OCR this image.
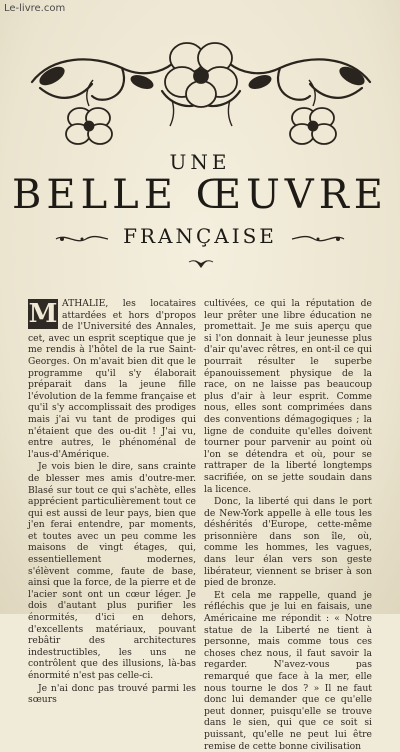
Le-livre.com
UNE
BELLE ŒUVRE
FRANÇAISE

M ATHALIE, les locataires attardées et hors d'propos de l'Université des Annales, cet, avec un esprit sceptique que je me rendis à l'hôtel de la rue Saint-Georges. On m'avait bien dit que le programme qu'il s'y élaborait préparait dans la jeune fille l'évolution de la femme française et qu'il s'y accomplissait des prodiges mais j'ai vu tant de prodiges qui n'étaient que des ou-dit ! J'ai vu, entre autres, le phénoménal de l'aus-d'Amérique.

Je vois bien le dire, sans crainte de blesser mes amis d'outre-mer. Blasé sur tout ce qui s'achète, elles apprécient particulièrement tout ce qui est aussi de leur pays, bien que j'en ferai entendre, par moments, et toutes avec un peu comme les maisons de vingt étages, qui, essentiellement modernes, s'élèvent comme, faute de base, ainsi que la force, de la pierre et de l'acier sont ont un cœur léger. Je dois d'autant plus purifier les énormités, d'ici en dehors, d'excellents matériaux, pouvant rebâtir des architectures indestructibles, les uns ne contrôlent que des illusions, là-bas énormité n'est pas celle-ci.

Je n'ai donc pas trouvé parmi les sœurs

cultivées, ce qui la réputation de leur prêter une libre éducation ne promettait. Je me suis aperçu que si l'on donnait à leur jeunesse plus d'air qu'avec rêtres, en ont-il ce qui pourrait résulter le superbe épanouissement physique de la race, on ne laisse pas beaucoup plus d'air à leur esprit. Comme nous, elles sont comprimées dans des conventions démagogiques ; la ligne de conduite qu'elles doivent tourner pour parvenir au point où l'on se détendra et où, pour se rattraper de la liberté longtemps sacrifiée, on se jette soudain dans la licence.

Donc, la liberté qui dans le port de New-York appelle à elle tous les déshérités d'Europe, cette-même prisonnière dans son île, où, comme les hommes, les vagues, dans leur élan vers son geste libérateur, viennent se briser à son pied de bronze.

Et cela me rappelle, quand je réfléchis que je lui en faisais, une Américaine me répondit : « Notre statue de la Liberté ne tient à personne, mais comme tous ces choses chez nous, il faut savoir la regarder. N'avez-vous pas remarqué que face à la mer, elle nous tourne le dos ? » Il ne faut donc lui demander que ce qu'elle peut donner, puisqu'elle se trouve dans le sien, qui que ce soit si puissant, qu'elle ne peut lui être remise de cette bonne civilisation
